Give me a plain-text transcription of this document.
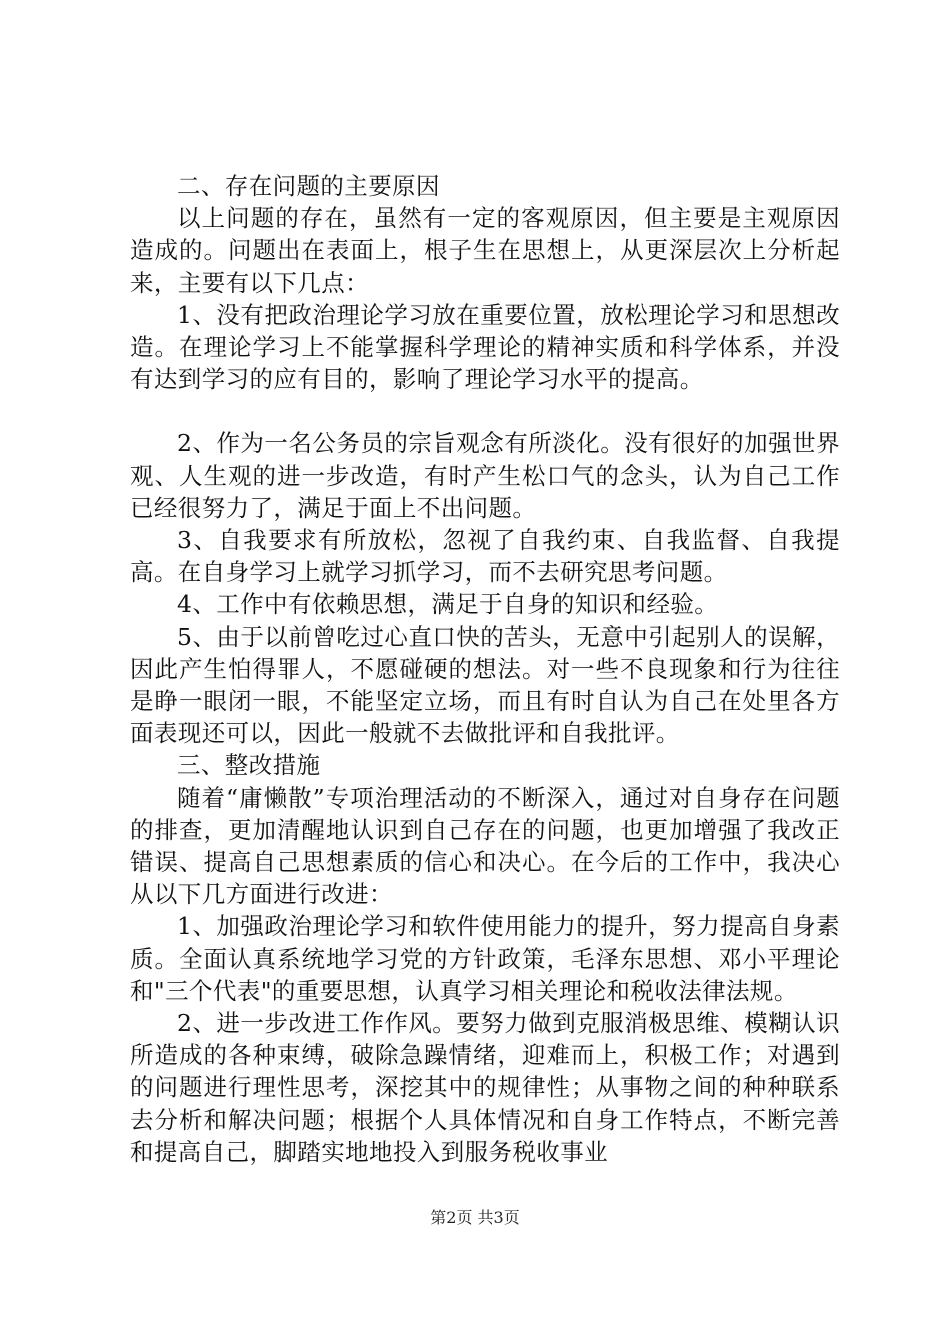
二、存在问题的主要原因

以上问题的存在，虽然有一定的客观原因，但主要是主观原因造成的。问题出在表面上，根子生在思想上，从更深层次上分析起来，主要有以下几点：

1、没有把政治理论学习放在重要位置，放松理论学习和思想改造。在理论学习上不能掌握科学理论的精神实质和科学体系，并没有达到学习的应有目的，影响了理论学习水平的提高。

2、作为一名公务员的宗旨观念有所淡化。没有很好的加强世界观、人生观的进一步改造，有时产生松口气的念头，认为自己工作已经很努力了，满足于面上不出问题。

3、自我要求有所放松，忽视了自我约束、自我监督、自我提高。在自身学习上就学习抓学习，而不去研究思考问题。

4、工作中有依赖思想，满足于自身的知识和经验。

5、由于以前曾吃过心直口快的苦头，无意中引起别人的误解，因此产生怕得罪人，不愿碰硬的想法。对一些不良现象和行为往往是睁一眼闭一眼，不能坚定立场，而且有时自认为自己在处里各方面表现还可以，因此一般就不去做批评和自我批评。

三、整改措施

随着“庸懒散”专项治理活动的不断深入，通过对自身存在问题的排查，更加清醒地认识到自己存在的问题，也更加增强了我改正错误、提高自己思想素质的信心和决心。在今后的工作中，我决心从以下几方面进行改进：

1、加强政治理论学习和软件使用能力的提升，努力提高自身素质。全面认真系统地学习党的方针政策，毛泽东思想、邓小平理论和"三个代表"的重要思想，认真学习相关理论和税收法律法规。

2、进一步改进工作作风。要努力做到克服消极思维、模糊认识所造成的各种束缚，破除急躁情绪，迎难而上，积极工作；对遇到的问题进行理性思考，深挖其中的规律性；从事物之间的种种联系去分析和解决问题；根据个人具体情况和自身工作特点，不断完善和提高自己，脚踏实地地投入到服务税收事业

第2页 共3页
